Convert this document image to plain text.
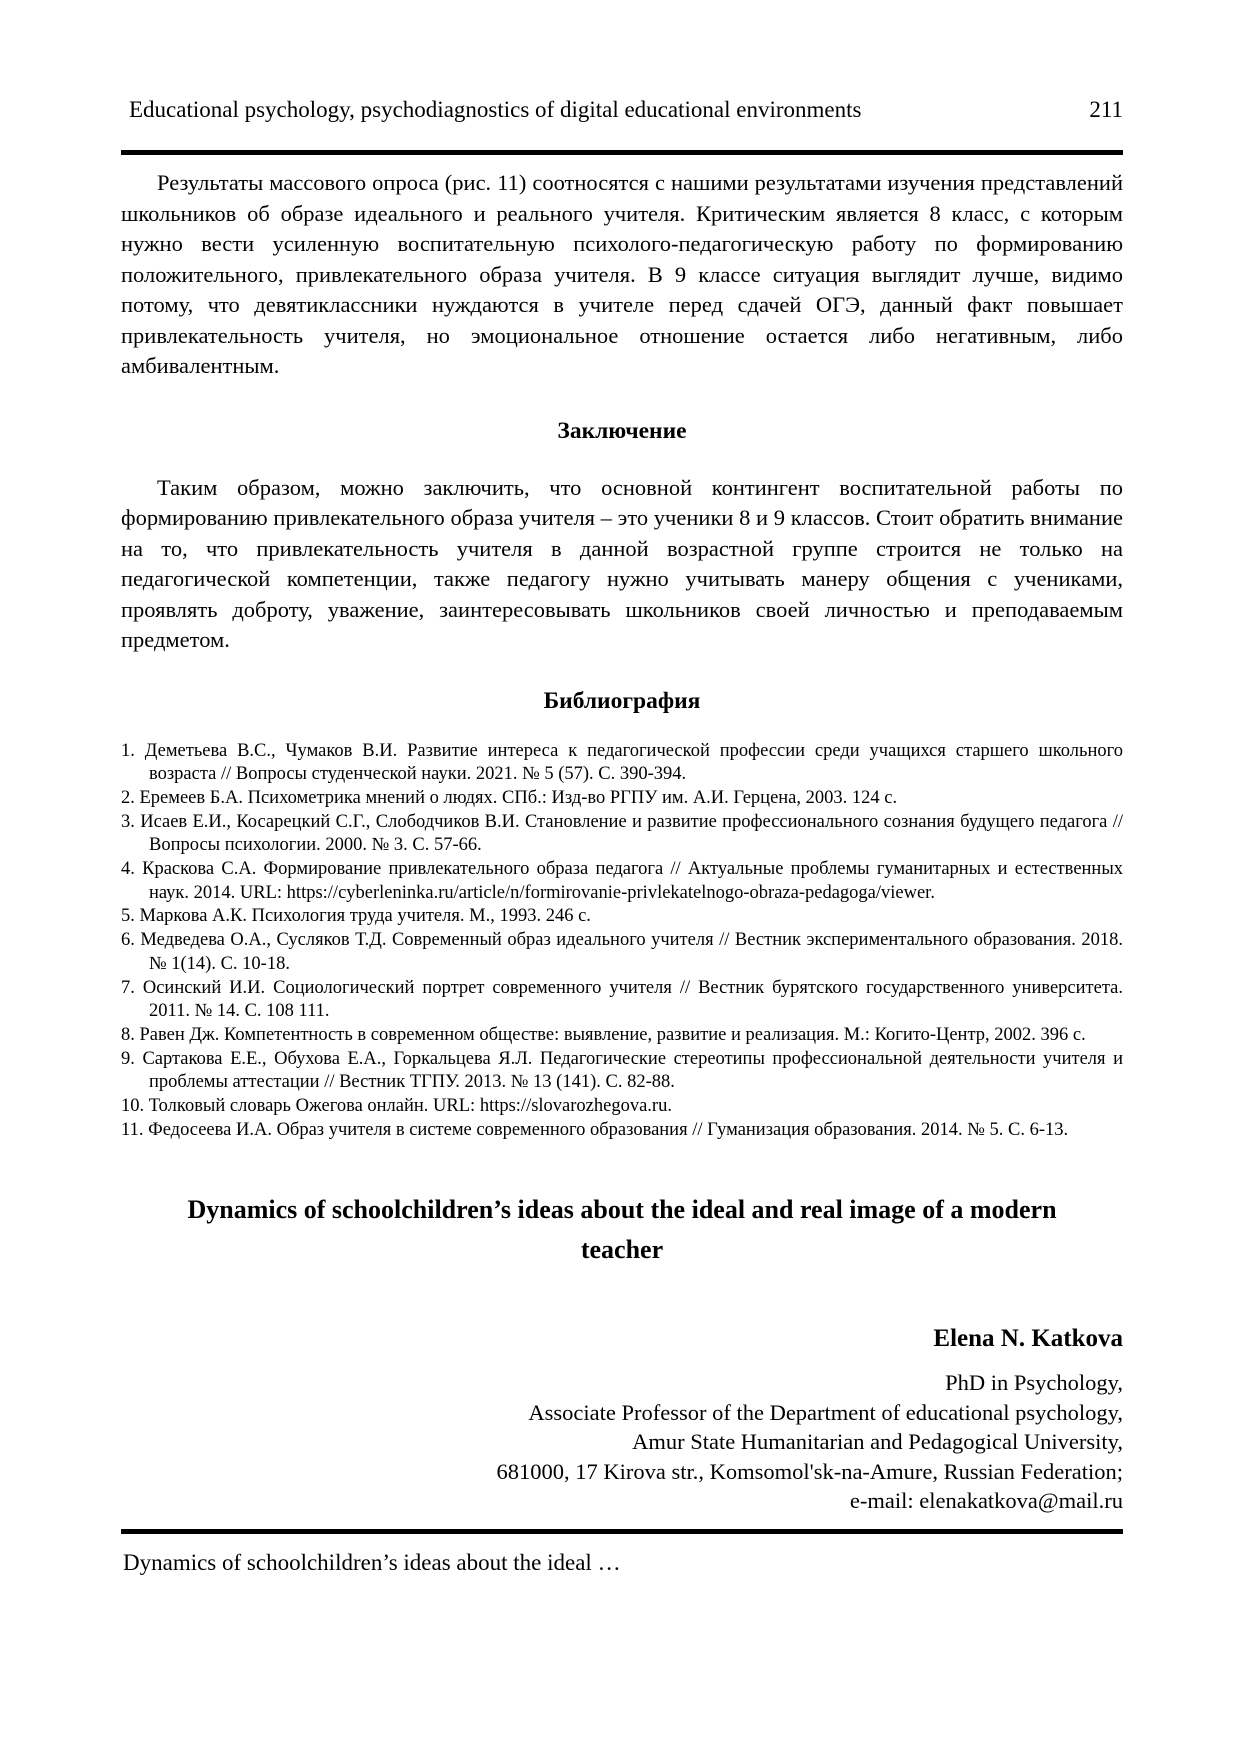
Educational psychology, psychodiagnostics of digital educational environments	211

Результаты массового опроса (рис. 11) соотносятся с нашими результатами изучения представлений школьников об образе идеального и реального учителя. Критическим является 8 класс, с которым нужно вести усиленную воспитательную психолого-педагогическую работу по формированию положительного, привлекательного образа учителя. В 9 классе ситуация выглядит лучше, видимо потому, что девятиклассники нуждаются в учителе перед сдачей ОГЭ, данный факт повышает привлекательность учителя, но эмоциональное отношение остается либо негативным, либо амбивалентным.

Заключение

Таким образом, можно заключить, что основной контингент воспитательной работы по формированию привлекательного образа учителя – это ученики 8 и 9 классов. Стоит обратить внимание на то, что привлекательность учителя в данной возрастной группе строится не только на педагогической компетенции, также педагогу нужно учитывать манеру общения с учениками, проявлять доброту, уважение, заинтересовывать школьников своей личностью и преподаваемым предметом.

Библиография
1. Деметьева В.С., Чумаков В.И. Развитие интереса к педагогической профессии среди учащихся старшего школьного возраста // Вопросы студенческой науки. 2021. № 5 (57). С. 390-394.
2. Еремеев Б.А. Психометрика мнений о людях. СПб.: Изд-во РГПУ им. А.И. Герцена, 2003. 124 с.
3. Исаев Е.И., Косарецкий С.Г., Слободчиков В.И. Становление и развитие профессионального сознания будущего педагога // Вопросы психологии. 2000. № 3. С. 57-66.
4. Краскова С.А. Формирование привлекательного образа педагога // Актуальные проблемы гуманитарных и естественных наук. 2014. URL: https://cyberleninka.ru/article/n/formirovanie-privlekatelnogo-obraza-pedagoga/viewer.
5. Маркова А.К. Психология труда учителя. М., 1993. 246 с.
6. Медведева О.А., Сусляков Т.Д. Современный образ идеального учителя // Вестник экспериментального образования. 2018. № 1(14). С. 10-18.
7. Осинский И.И. Социологический портрет современного учителя // Вестник бурятского государственного университета. 2011. № 14. С. 108 111.
8. Равен Дж. Компетентность в современном обществе: выявление, развитие и реализация. М.: Когито-Центр, 2002. 396 с.
9. Сартакова Е.Е., Обухова Е.А., Горкальцева Я.Л. Педагогические стереотипы профессиональной деятельности учителя и проблемы аттестации // Вестник ТГПУ. 2013. № 13 (141). С. 82-88.
10. Толковый словарь Ожегова онлайн. URL: https://slovarozhegova.ru.
11. Федосеева И.А. Образ учителя в системе современного образования // Гуманизация образования. 2014. № 5. С. 6-13.
Dynamics of schoolchildren’s ideas about the ideal and real image of a modern teacher
Elena N. Katkova
PhD in Psychology,
Associate Professor of the Department of educational psychology,
Amur State Humanitarian and Pedagogical University,
681000, 17 Kirova str., Komsomol'sk-na-Amure, Russian Federation;
e-mail: elenakatkova@mail.ru
Dynamics of schoolchildren’s ideas about the ideal …
